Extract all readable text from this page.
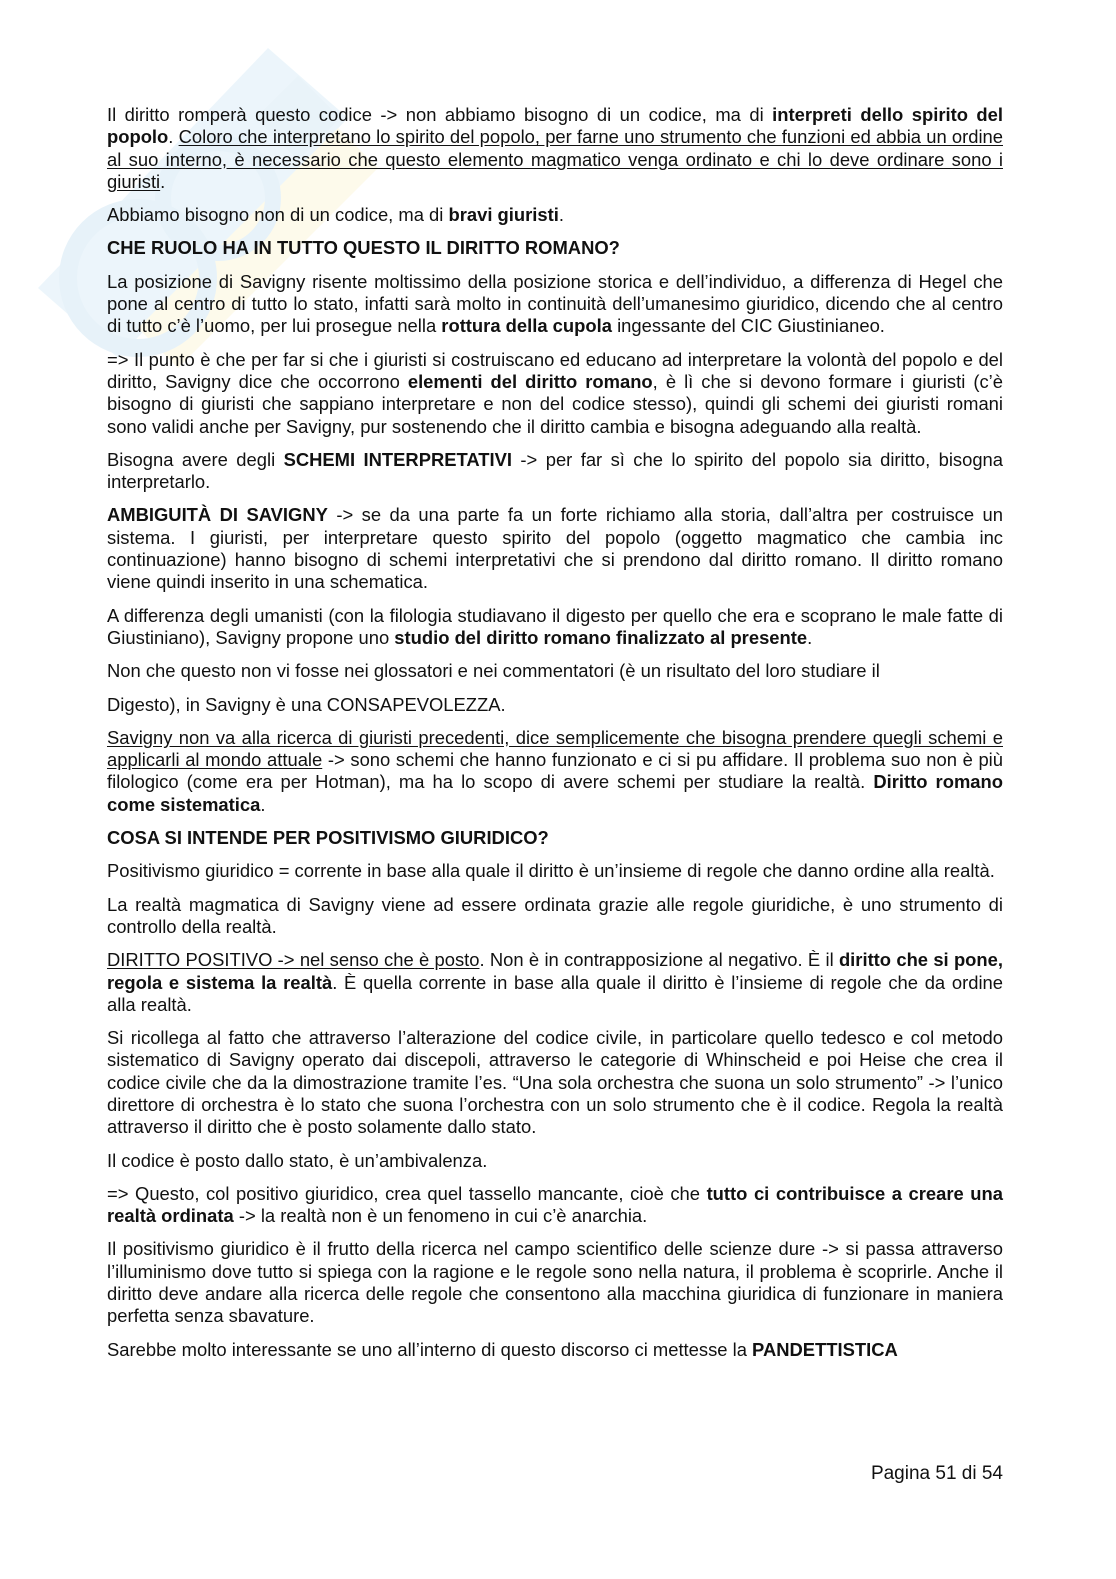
Il diritto romperà questo codice -> non abbiamo bisogno di un codice, ma di interpreti dello spirito del popolo. Coloro che interpretano lo spirito del popolo, per farne uno strumento che funzioni ed abbia un ordine al suo interno, è necessario che questo elemento magmatico venga ordinato e chi lo deve ordinare sono i giuristi.

Abbiamo bisogno non di un codice, ma di bravi giuristi.

CHE RUOLO HA IN TUTTO QUESTO IL DIRITTO ROMANO?

La posizione di Savigny risente moltissimo della posizione storica e dell’individuo, a differenza di Hegel che pone al centro di tutto lo stato, infatti sarà molto in continuità dell’umanesimo giuridico, dicendo che al centro di tutto c’è l’uomo, per lui prosegue nella rottura della cupola ingessante del CIC Giustinianeo.

=> Il punto è che per far si che i giuristi si costruiscano ed educano ad interpretare la volontà del popolo e del diritto, Savigny dice che occorrono elementi del diritto romano, è lì che si devono formare i giuristi (c’è bisogno di giuristi che sappiano interpretare e non del codice stesso), quindi gli schemi dei giuristi romani sono validi anche per Savigny, pur sostenendo che il diritto cambia e bisogna adeguando alla realtà.

Bisogna avere degli SCHEMI INTERPRETATIVI -> per far sì che lo spirito del popolo sia diritto, bisogna interpretarlo.

AMBIGUITÀ DI SAVIGNY -> se da una parte fa un forte richiamo alla storia, dall’altra per costruisce un sistema. I giuristi, per interpretare questo spirito del popolo (oggetto magmatico che cambia inc continuazione) hanno bisogno di schemi interpretativi che si prendono dal diritto romano. Il diritto romano viene quindi inserito in una schematica.

A differenza degli umanisti (con la filologia studiavano il digesto per quello che era e scoprano le male fatte di Giustiniano), Savigny propone uno studio del diritto romano finalizzato al presente.

Non che questo non vi fosse nei glossatori e nei commentatori (è un risultato del loro studiare il

Digesto), in Savigny è una CONSAPEVOLEZZA.

Savigny non va alla ricerca di giuristi precedenti, dice semplicemente che bisogna prendere quegli schemi e applicarli al mondo attuale -> sono schemi che hanno funzionato e ci si pu affidare. Il problema suo non è più filologico (come era per Hotman), ma ha lo scopo di avere schemi per studiare la realtà. Diritto romano come sistematica.

COSA SI INTENDE PER POSITIVISMO GIURIDICO?

Positivismo giuridico = corrente in base alla quale il diritto è un’insieme di regole che danno ordine alla realtà.

La realtà magmatica di Savigny viene ad essere ordinata grazie alle regole giuridiche, è uno strumento di controllo della realtà.

DIRITTO POSITIVO -> nel senso che è posto. Non è in contrapposizione al negativo. È il diritto che si pone, regola e sistema la realtà. È quella corrente in base alla quale il diritto è l’insieme di regole che da ordine alla realtà.

Si ricollega al fatto che attraverso l’alterazione del codice civile, in particolare quello tedesco e col metodo sistematico di Savigny operato dai discepoli, attraverso le categorie di Whinscheid e poi Heise che crea il codice civile che da la dimostrazione tramite l’es. “Una sola orchestra che suona un solo strumento” -> l’unico direttore di orchestra è lo stato che suona l’orchestra con un solo strumento che è il codice. Regola la realtà attraverso il diritto che è posto solamente dallo stato.

Il codice è posto dallo stato, è un’ambivalenza.

=> Questo, col positivo giuridico, crea quel tassello mancante, cioè che tutto ci contribuisce a creare una realtà ordinata -> la realtà non è un fenomeno in cui c’è anarchia.

Il positivismo giuridico è il frutto della ricerca nel campo scientifico delle scienze dure -> si passa attraverso l’illuminismo dove tutto si spiega con la ragione e le regole sono nella natura, il problema è scoprirle. Anche il diritto deve andare alla ricerca delle regole che consentono alla macchina giuridica di funzionare in maniera perfetta senza sbavature.

Sarebbe molto interessante se uno all’interno di questo discorso ci mettesse la PANDETTISTICA

Pagina 51 di 54
